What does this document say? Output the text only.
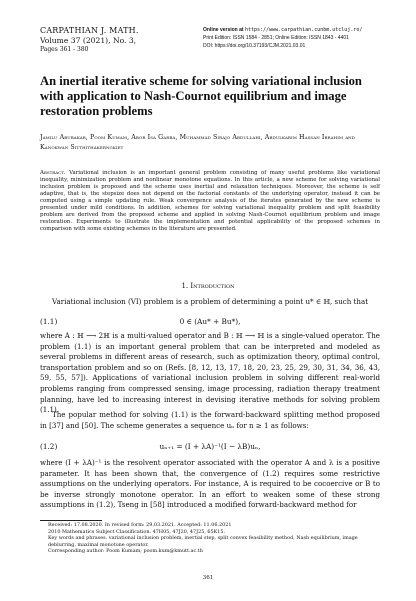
CARPATHIAN J. MATH.
Volume 37 (2021), No. 3,
Pages 361 - 380
Online version at https://www.carpathian.cunbm.utcluj.ro/
Print Edition: ISSN 1584 - 2851; Online Edition: ISSN 1843 - 4401
DOI: https://doi.org/10.37193/CJM.2021.03.01
An inertial iterative scheme for solving variational inclusion with application to Nash-Cournot equilibrium and image restoration problems
Jamilu Abubakar, Poom Kumam, Abor Isa Garba, Muhammad Sirajo Abdullahi, Abdulkarim Hassan Ibrahim and Kanokwan Sitthithakerngkiet
Abstract. Variational inclusion is an important general problem consisting of many useful problems like variational inequality, minimization problem and nonlinear monotone equations. In this article, a new scheme for solving variational inclusion problem is proposed and the scheme uses inertial and relaxation techniques. Moreover, the scheme is self adaptive, that is, the stepsize does not depend on the factorial constants of the underlying operator, instead it can be computed using a simple updating rule. Weak convergence analysis of the iterates generated by the new scheme is presented under mild conditions. In addition, schemes for solving variational inequality problem and split feasibility problem are derived from the proposed scheme and applied in solving Nash-Cournot equilibrium problem and image restoration. Experiments to illustrate the implementation and potential applicability of the proposed schemes in comparison with some existing schemes in the literature are presented.
1. Introduction
Variational inclusion (VI) problem is a problem of determining a point u* ∈ ℍ, such that
(1.1)	0 ∈ (Au* + Bu*),
where A : ℍ ⟶ 2ℍ is a multi-valued operator and B : ℍ ⟶ ℍ is a single-valued operator. The problem (1.1) is an important general problem that can be interpreted and modeled as several problems in different areas of research, such as optimization theory, optimal control, transportation problem and so on (Refs. [8, 12, 13, 17, 18, 20, 23, 25, 29, 30, 31, 34, 36, 43, 59, 55, 57]). Applications of variational inclusion problem in solving different real-world problems ranging from compressed sensing, image processing, radiation therapy treatment planning, have led to increasing interest in devising iterative methods for solving problem (1.1).
The popular method for solving (1.1) is the forward-backward splitting method proposed in [37] and [50]. The scheme generates a sequence uₙ for n ≥ 1 as follows:
(1.2)	uₙ₊₁ = (I + λA)⁻¹(I − λB)uₙ,
where (I + λA)⁻¹ is the resolvent operator associated with the operator A and λ is a positive parameter. It has been shown that, the convergence of (1.2) requires some restrictive assumptions on the underlying operators. For instance, A is required to be cocoercive or B to be inverse strongly monotone operator. In an effort to weaken some of these strong assumptions in (1.2), Tseng in [58] introduced a modified forward-backward method for
Received: 17.08.2020. In revised form: 29.03.2021. Accepted: 11.06.2021
2010 Mathematics Subject Classification. 47H05, 47J20, 47J25, 65K15.
Key words and phrases. variational inclusion problem, inertial step, split convex feasibility method, Nash equilibrium, image deblurring, maximal monotone operator.
Corresponding author: Poom Kumam; poom.kum@kmutt.ac.th
361
